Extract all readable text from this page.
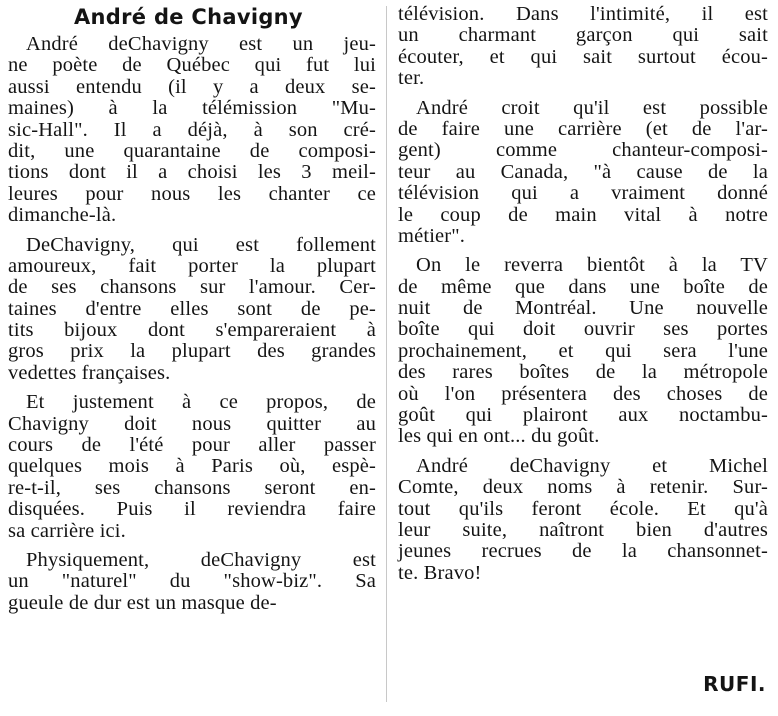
André de Chavigny
André deChavigny est un jeu-
ne poète de Québec qui fut lui
aussi entendu (il y a deux se-
maines) à la télémission "Mu-
sic-Hall". Il a déjà, à son cré-
dit, une quarantaine de composi-
tions dont il a choisi les 3 meil-
leures pour nous les chanter ce
dimanche-là.
DeChavigny, qui est follement
amoureux, fait porter la plupart
de ses chansons sur l'amour. Cer-
taines d'entre elles sont de pe-
tits bijoux dont s'empareraient à
gros prix la plupart des grandes
vedettes françaises.
Et justement à ce propos, de
Chavigny doit nous quitter au
cours de l'été pour aller passer
quelques mois à Paris où, espè-
re-t-il, ses chansons seront en-
disquées. Puis il reviendra faire
sa carrière ici.
Physiquement, deChavigny est
un "naturel" du "show-biz". Sa
gueule de dur est un masque de-
télévision. Dans l'intimité, il est
un charmant garçon qui sait
écouter, et qui sait surtout écou-
ter.
André croit qu'il est possible
de faire une carrière (et de l'ar-
gent) comme chanteur-composi-
teur au Canada, "à cause de la
télévision qui a vraiment donné
le coup de main vital à notre
métier".
On le reverra bientôt à la TV
de même que dans une boîte de
nuit de Montréal. Une nouvelle
boîte qui doit ouvrir ses portes
prochainement, et qui sera l'une
des rares boîtes de la métropole
où l'on présentera des choses de
goût qui plairont aux noctambu-
les qui en ont... du goût.
André deChavigny et Michel
Comte, deux noms à retenir. Sur-
tout qu'ils feront école. Et qu'à
leur suite, naîtront bien d'autres
jeunes recrues de la chansonnet-
te. Bravo!
RUFI.
